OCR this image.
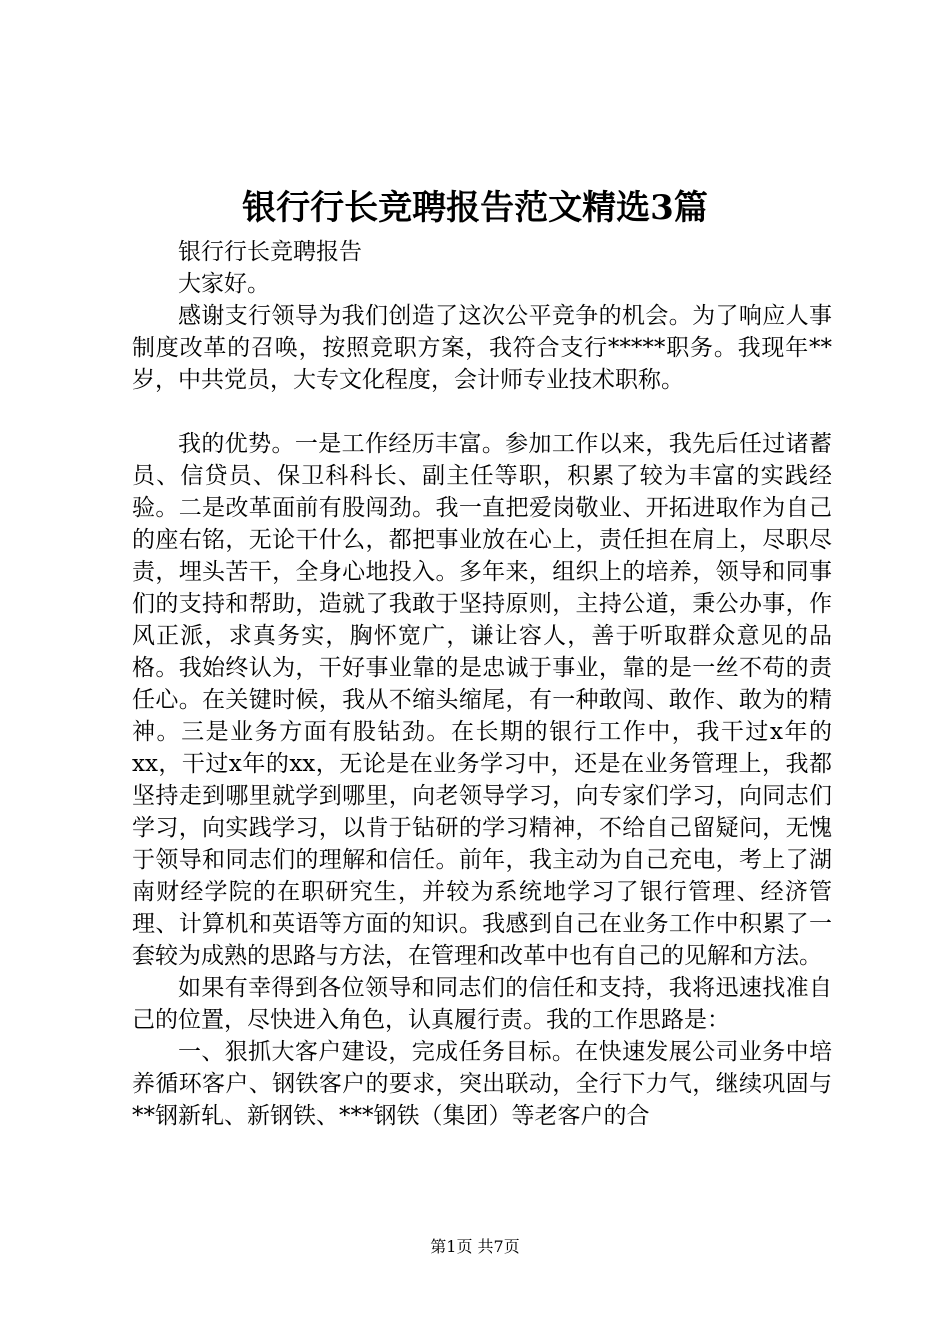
银行行长竞聘报告范文精选3篇

银行行长竞聘报告

大家好。

感谢支行领导为我们创造了这次公平竞争的机会。为了响应人事制度改革的召唤，按照竞职方案，我符合支行*****职务。我现年**岁，中共党员，大专文化程度，会计师专业技术职称。

我的优势。一是工作经历丰富。参加工作以来，我先后任过诸蓄员、信贷员、保卫科科长、副主任等职，积累了较为丰富的实践经验。二是改革面前有股闯劲。我一直把爱岗敬业、开拓进取作为自己的座右铭，无论干什么，都把事业放在心上，责任担在肩上，尽职尽责，埋头苦干，全身心地投入。多年来，组织上的培养，领导和同事们的支持和帮助，造就了我敢于坚持原则，主持公道，秉公办事，作风正派，求真务实，胸怀宽广，谦让容人，善于听取群众意见的品格。我始终认为，干好事业靠的是忠诚于事业，靠的是一丝不苟的责任心。在关键时候，我从不缩头缩尾，有一种敢闯、敢作、敢为的精神。三是业务方面有股钻劲。在长期的银行工作中，我干过x年的xx，干过x年的xx，无论是在业务学习中，还是在业务管理上，我都坚持走到哪里就学到哪里，向老领导学习，向专家们学习，向同志们学习，向实践学习，以肯于钻研的学习精神，不给自己留疑问，无愧于领导和同志们的理解和信任。前年，我主动为自己充电，考上了湖南财经学院的在职研究生，并较为系统地学习了银行管理、经济管理、计算机和英语等方面的知识。我感到自己在业务工作中积累了一套较为成熟的思路与方法，在管理和改革中也有自己的见解和方法。

如果有幸得到各位领导和同志们的信任和支持，我将迅速找准自己的位置，尽快进入角色，认真履行责。我的工作思路是：

一、狠抓大客户建设，完成任务目标。在快速发展公司业务中培养循环客户、钢铁客户的要求，突出联动，全行下力气，继续巩固与**钢新轧、新钢铁、***钢铁（集团）等老客户的合

第1页 共7页
